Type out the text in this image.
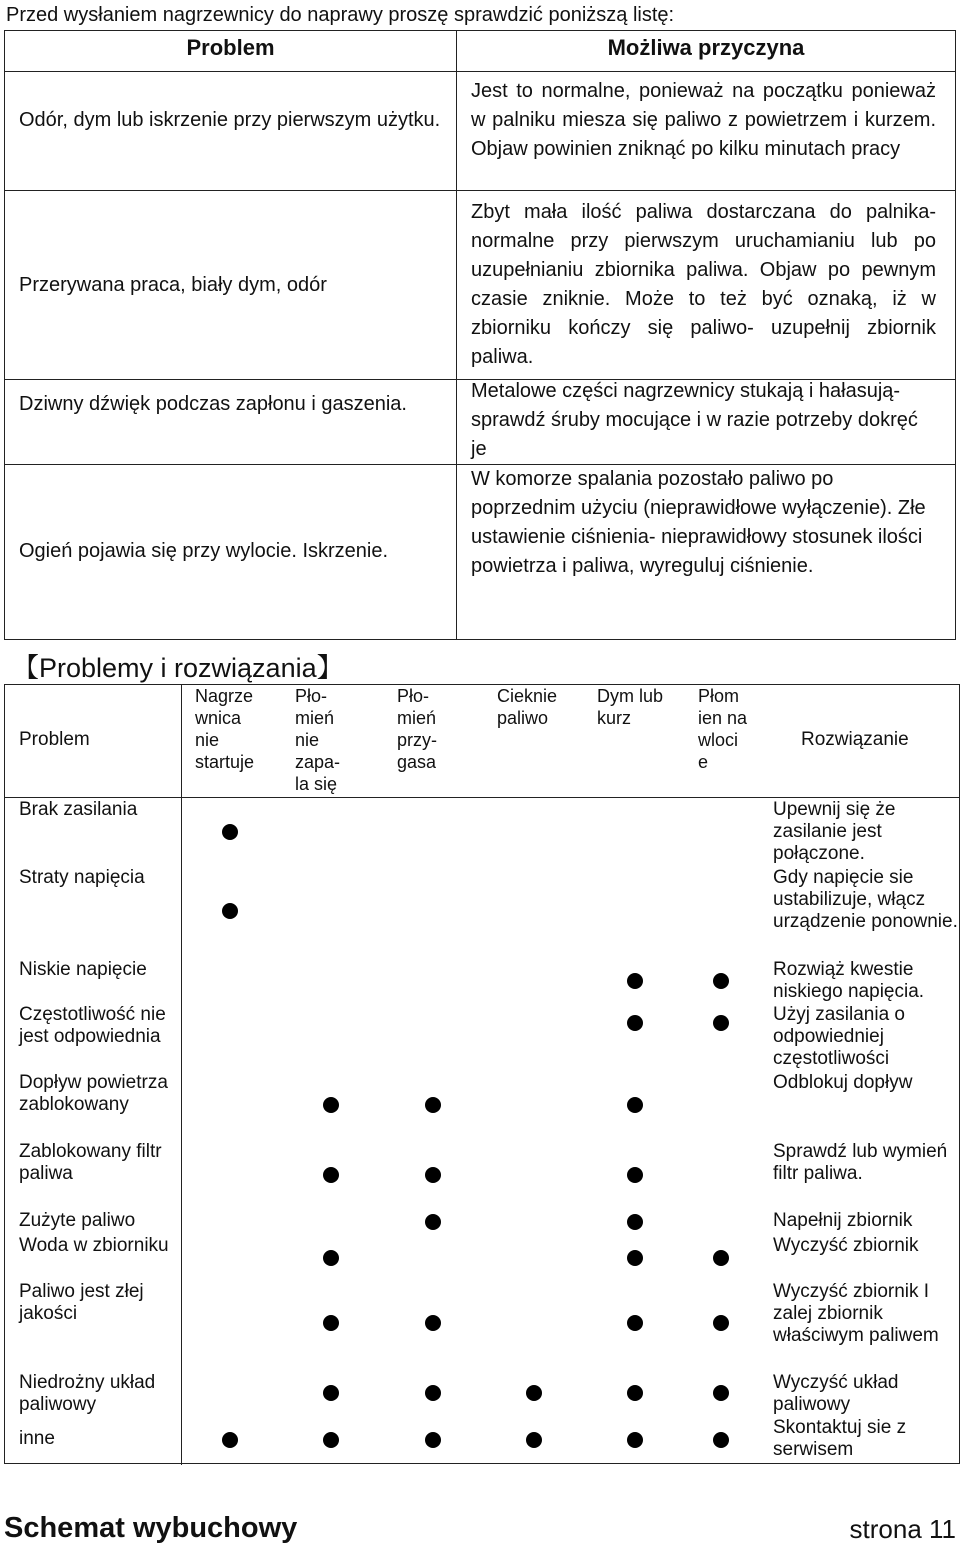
Przed wysłaniem nagrzewnicy do naprawy proszę sprawdzić poniższą listę:
Problem	Możliwa przyczyna
Odór, dym lub iskrzenie przy pierwszym użytku.
Jest to normalne, ponieważ na początku ponieważ w palniku miesza się paliwo z powietrzem i kurzem. Objaw powinien zniknąć po kilku minutach pracy
Przerywana praca, biały dym, odór
Zbyt mała ilość paliwa dostarczana do palnika- normalne przy pierwszym uruchamianiu lub po uzupełnianiu zbiornika paliwa. Objaw po pewnym czasie zniknie. Może to też być oznaką, iż w zbiorniku kończy się paliwo- uzupełnij zbiornik paliwa.
Dziwny dźwięk podczas zapłonu i gaszenia.
Metalowe części nagrzewnicy stukają i hałasują- sprawdź śruby mocujące i w razie potrzeby dokręć je
Ogień pojawia się przy wylocie. Iskrzenie.
W komorze spalania pozostało paliwo po poprzednim użyciu (nieprawidłowe wyłączenie). Złe ustawienie ciśnienia- nieprawidłowy stosunek ilości powietrza i paliwa, wyreguluj ciśnienie.
【Problemy i rozwiązania】
Problem
Nagrze wnica nie startuje
Pło- mień nie zapa- la się
Pło- mień przy- gasa
Cieknie paliwo
Dym lub kurz
Płom ien na wloci e
Rozwiązanie
Brak zasilania
Straty napięcia
Niskie napięcie
Częstotliwość nie jest odpowiednia
Dopływ powietrza zablokowany
Zablokowany filtr paliwa
Zużyte paliwo
Woda w zbiorniku
Paliwo jest złej jakości
Niedrożny układ paliwowy
inne
Upewnij się że zasilanie jest połączone.
Gdy napięcie sie ustabilizuje, włącz urządzenie ponownie.
Rozwiąż kwestie niskiego napięcia.
Użyj zasilania o odpowiedniej częstotliwości
Odblokuj dopływ
Sprawdź lub wymień filtr paliwa.
Napełnij zbiornik
Wyczyść zbiornik
Wyczyść zbiornik I zalej zbiornik właściwym paliwem
Wyczyść układ paliwowy
Skontaktuj sie z serwisem
Schemat wybuchowy	strona 11
